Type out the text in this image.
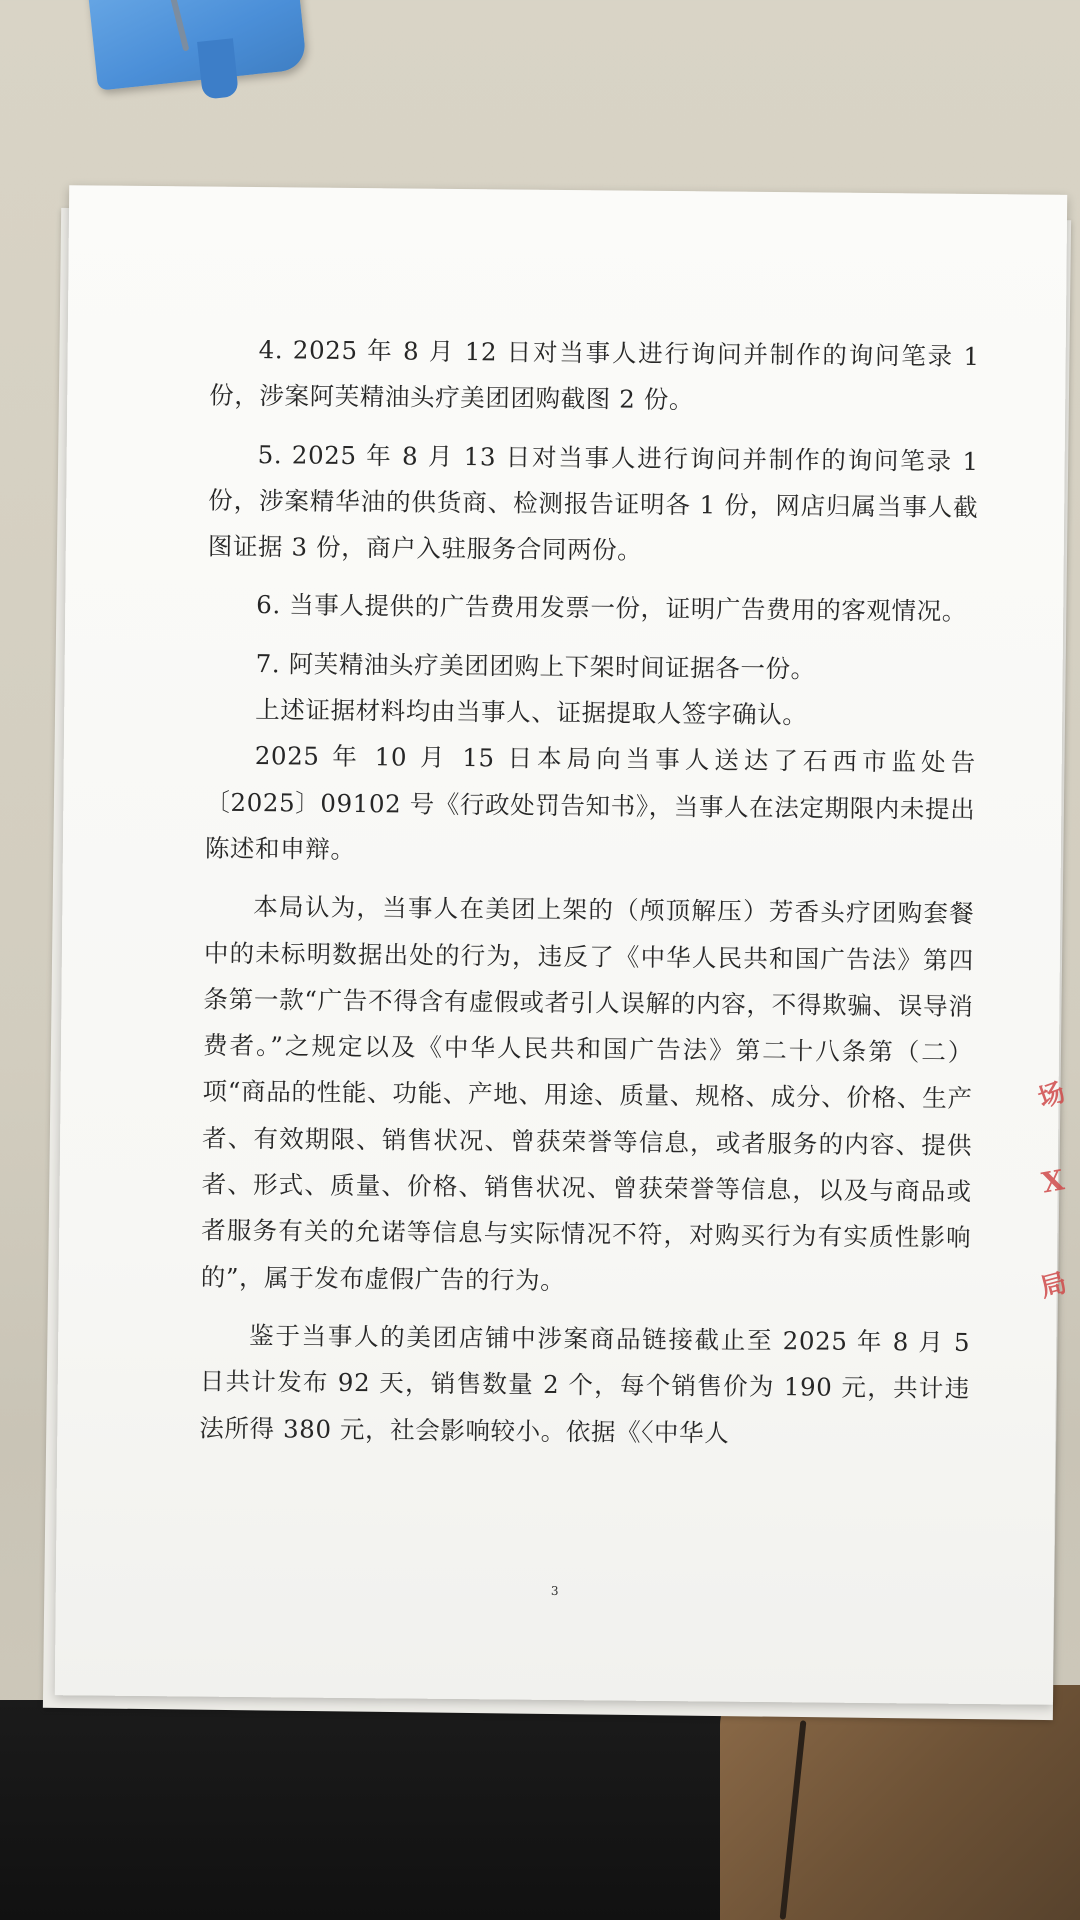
4. 2025 年 8 月 12 日对当事人进行询问并制作的询问笔录 1 份，涉案阿芙精油头疗美团团购截图 2 份。

5. 2025 年 8 月 13 日对当事人进行询问并制作的询问笔录 1 份，涉案精华油的供货商、检测报告证明各 1 份，网店归属当事人截图证据 3 份，商户入驻服务合同两份。

6. 当事人提供的广告费用发票一份，证明广告费用的客观情况。

7. 阿芙精油头疗美团团购上下架时间证据各一份。

上述证据材料均由当事人、证据提取人签字确认。

2025 年 10 月 15 日本局向当事人送达了石西市监处告〔2025〕09102 号《行政处罚告知书》，当事人在法定期限内未提出陈述和申辩。

本局认为，当事人在美团上架的（颅顶解压）芳香头疗团购套餐中的未标明数据出处的行为，违反了《中华人民共和国广告法》第四条第一款“广告不得含有虚假或者引人误解的内容，不得欺骗、误导消费者。”之规定以及《中华人民共和国广告法》第二十八条第（二）项“商品的性能、功能、产地、用途、质量、规格、成分、价格、生产者、有效期限、销售状况、曾获荣誉等信息，或者服务的内容、提供者、形式、质量、价格、销售状况、曾获荣誉等信息，以及与商品或者服务有关的允诺等信息与实际情况不符，对购买行为有实质性影响的”，属于发布虚假广告的行为。

鉴于当事人的美团店铺中涉案商品链接截止至 2025 年 8 月 5 日共计发布 92 天，销售数量 2 个，每个销售价为 190 元，共计违法所得 380 元，社会影响较小。依据《〈中华人

3
场
X
局
